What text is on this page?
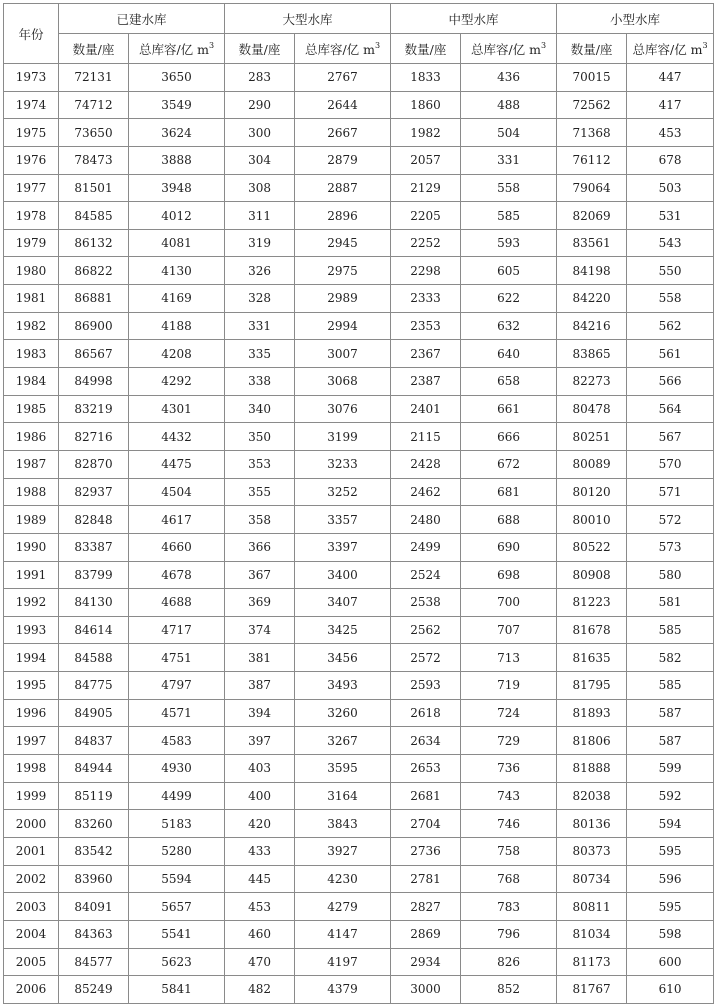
年份	已建水库		大型水库		中型水库		小型水库	
	数量/座	总库容/亿 $m^3$	数量/座	总库容/亿 $m^3$	数量/座	总库容/亿 $m^3$	数量/座	总库容/亿 $m^3$
1973	72131	3650	283	2767	1833	436	70015	447
1974	74712	3549	290	2644	1860	488	72562	417
1975	73650	3624	300	2667	1982	504	71368	453
1976	78473	3888	304	2879	2057	331	76112	678
1977	81501	3948	308	2887	2129	558	79064	503
1978	84585	4012	311	2896	2205	585	82069	531
1979	86132	4081	319	2945	2252	593	83561	543
1980	86822	4130	326	2975	2298	605	84198	550
1981	86881	4169	328	2989	2333	622	84220	558
1982	86900	4188	331	2994	2353	632	84216	562
1983	86567	4208	335	3007	2367	640	83865	561
1984	84998	4292	338	3068	2387	658	82273	566
1985	83219	4301	340	3076	2401	661	80478	564
1986	82716	4432	350	3199	2115	666	80251	567
1987	82870	4475	353	3233	2428	672	80089	570
1988	82937	4504	355	3252	2462	681	80120	571
1989	82848	4617	358	3357	2480	688	80010	572
1990	83387	4660	366	3397	2499	690	80522	573
1991	83799	4678	367	3400	2524	698	80908	580
1992	84130	4688	369	3407	2538	700	81223	581
1993	84614	4717	374	3425	2562	707	81678	585
1994	84588	4751	381	3456	2572	713	81635	582
1995	84775	4797	387	3493	2593	719	81795	585
1996	84905	4571	394	3260	2618	724	81893	587
1997	84837	4583	397	3267	2634	729	81806	587
1998	84944	4930	403	3595	2653	736	81888	599
1999	85119	4499	400	3164	2681	743	82038	592
2000	83260	5183	420	3843	2704	746	80136	594
2001	83542	5280	433	3927	2736	758	80373	595
2002	83960	5594	445	4230	2781	768	80734	596
2003	84091	5657	453	4279	2827	783	80811	595
2004	84363	5541	460	4147	2869	796	81034	598
2005	84577	5623	470	4197	2934	826	81173	600
2006	85249	5841	482	4379	3000	852	81767	610
